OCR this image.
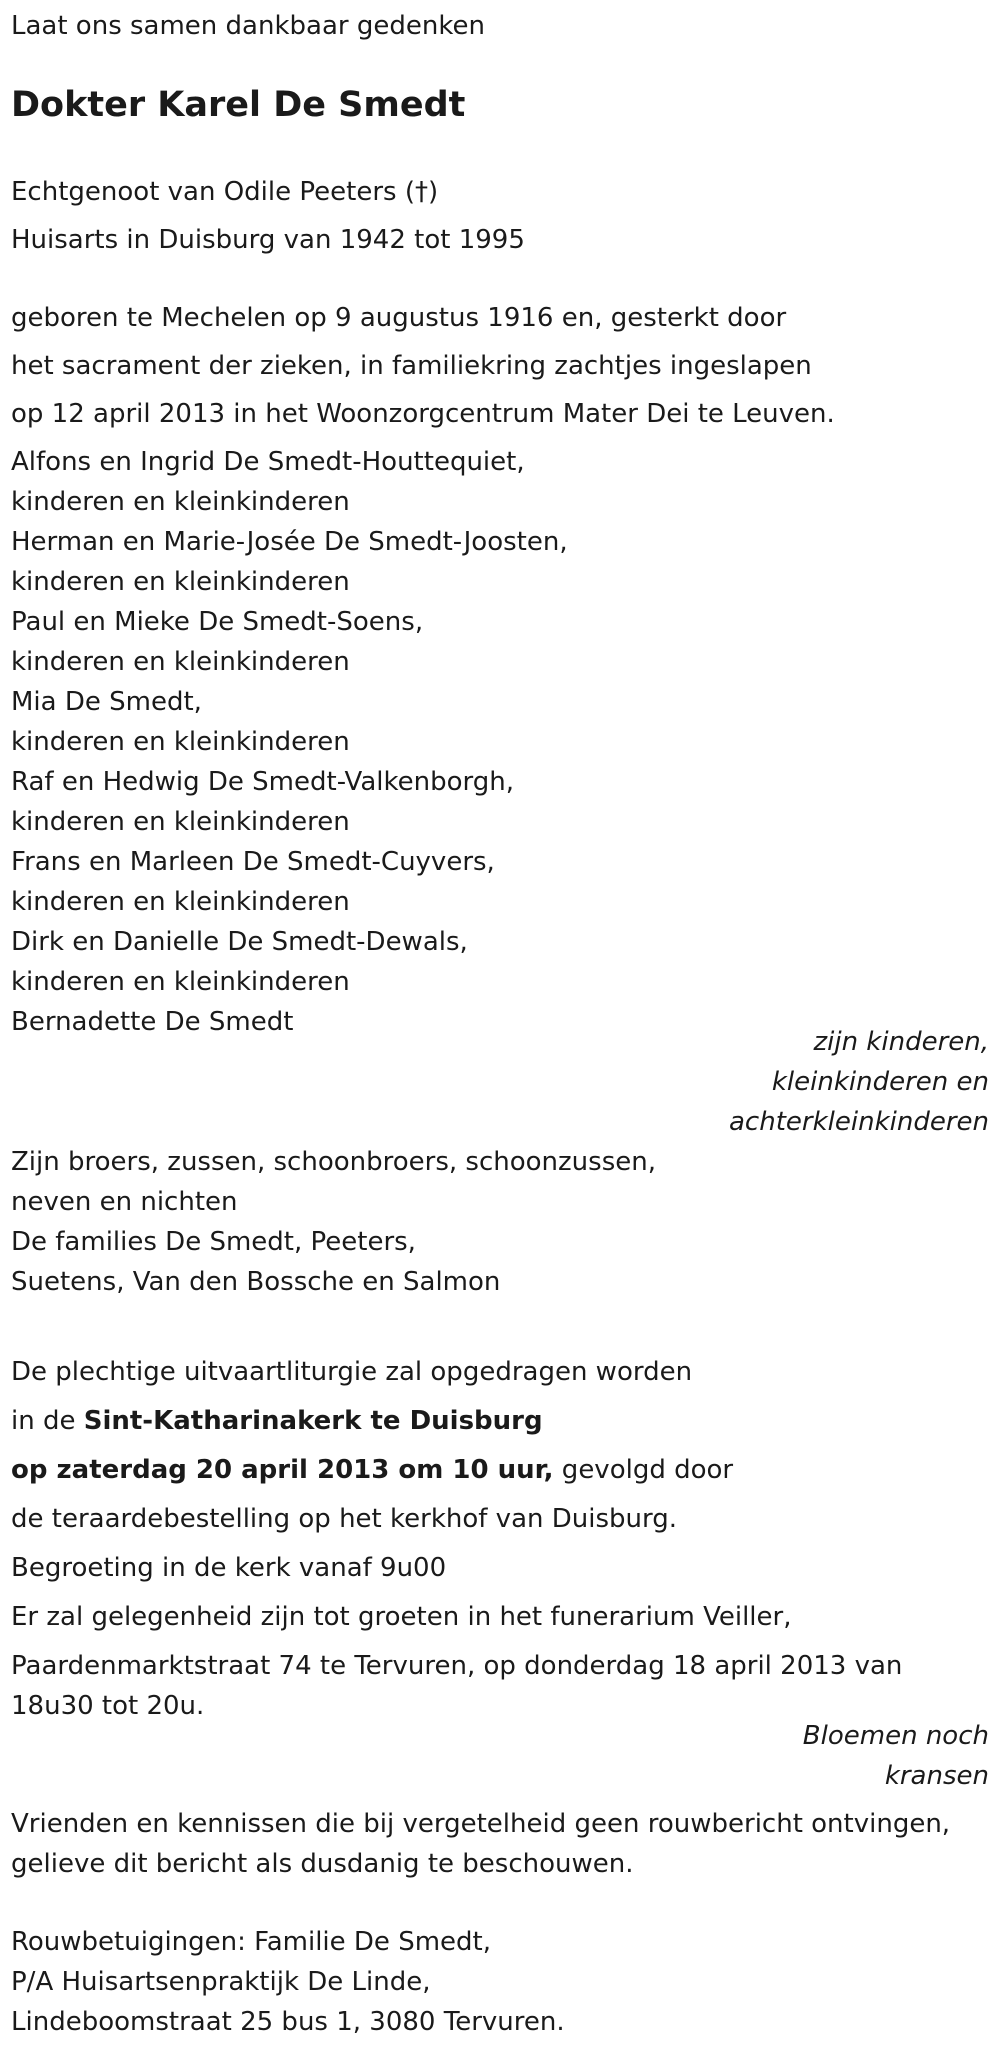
Laat ons samen dankbaar gedenken
Dokter Karel De Smedt
Echtgenoot van Odile Peeters (†)
Huisarts in Duisburg van 1942 tot 1995
geboren te Mechelen op 9 augustus 1916 en, gesterkt door
het sacrament der zieken, in familiekring zachtjes ingeslapen
op 12 april 2013 in het Woonzorgcentrum Mater Dei te Leuven.
Alfons en Ingrid De Smedt-Houttequiet,
kinderen en kleinkinderen
Herman en Marie-Josée De Smedt-Joosten,
kinderen en kleinkinderen
Paul en Mieke De Smedt-Soens,
kinderen en kleinkinderen
Mia De Smedt,
kinderen en kleinkinderen
Raf en Hedwig De Smedt-Valkenborgh,
kinderen en kleinkinderen
Frans en Marleen De Smedt-Cuyvers,
kinderen en kleinkinderen
Dirk en Danielle De Smedt-Dewals,
kinderen en kleinkinderen
Bernadette De Smedt
zijn kinderen,
kleinkinderen en
achterkleinkinderen
Zijn broers, zussen, schoonbroers, schoonzussen,
neven en nichten
De families De Smedt, Peeters,
Suetens, Van den Bossche en Salmon
De plechtige uitvaartliturgie zal opgedragen worden
in de Sint-Katharinakerk te Duisburg
op zaterdag 20 april 2013 om 10 uur, gevolgd door
de teraardebestelling op het kerkhof van Duisburg.
Begroeting in de kerk vanaf 9u00
Er zal gelegenheid zijn tot groeten in het funerarium Veiller,
Paardenmarktstraat 74 te Tervuren, op donderdag 18 april 2013 van 18u30 tot 20u.
Bloemen noch
kransen
Vrienden en kennissen die bij vergetelheid geen rouwbericht ontvingen,
gelieve dit bericht als dusdanig te beschouwen.
Rouwbetuigingen: Familie De Smedt,
P/A Huisartsenpraktijk De Linde,
Lindeboomstraat 25 bus 1, 3080 Tervuren.
